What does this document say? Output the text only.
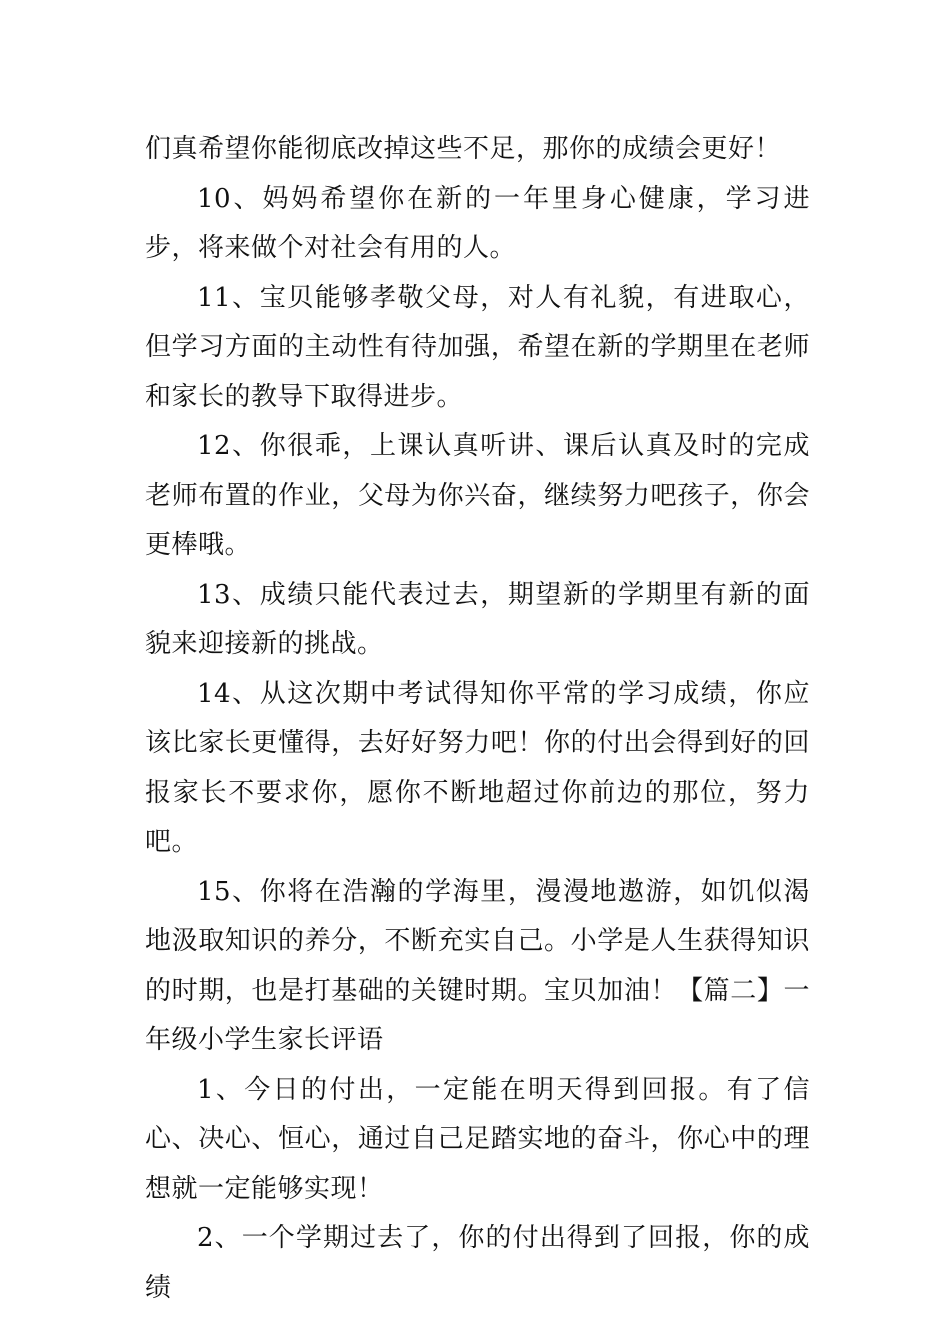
们真希望你能彻底改掉这些不足，那你的成绩会更好！

10、妈妈希望你在新的一年里身心健康，学习进步，将来做个对社会有用的人。

11、宝贝能够孝敬父母，对人有礼貌，有进取心，但学习方面的主动性有待加强，希望在新的学期里在老师和家长的教导下取得进步。

12、你很乖，上课认真听讲、课后认真及时的完成老师布置的作业，父母为你兴奋，继续努力吧孩子，你会更棒哦。

13、成绩只能代表过去，期望新的学期里有新的面貌来迎接新的挑战。

14、从这次期中考试得知你平常的学习成绩，你应该比家长更懂得，去好好努力吧！你的付出会得到好的回报家长不要求你，愿你不断地超过你前边的那位，努力吧。

15、你将在浩瀚的学海里，漫漫地遨游，如饥似渴地汲取知识的养分，不断充实自己。小学是人生获得知识的时期，也是打基础的关键时期。宝贝加油！【篇二】一年级小学生家长评语

1、今日的付出，一定能在明天得到回报。有了信心、决心、恒心，通过自己足踏实地的奋斗，你心中的理想就一定能够实现！

2、一个学期过去了，你的付出得到了回报，你的成绩
